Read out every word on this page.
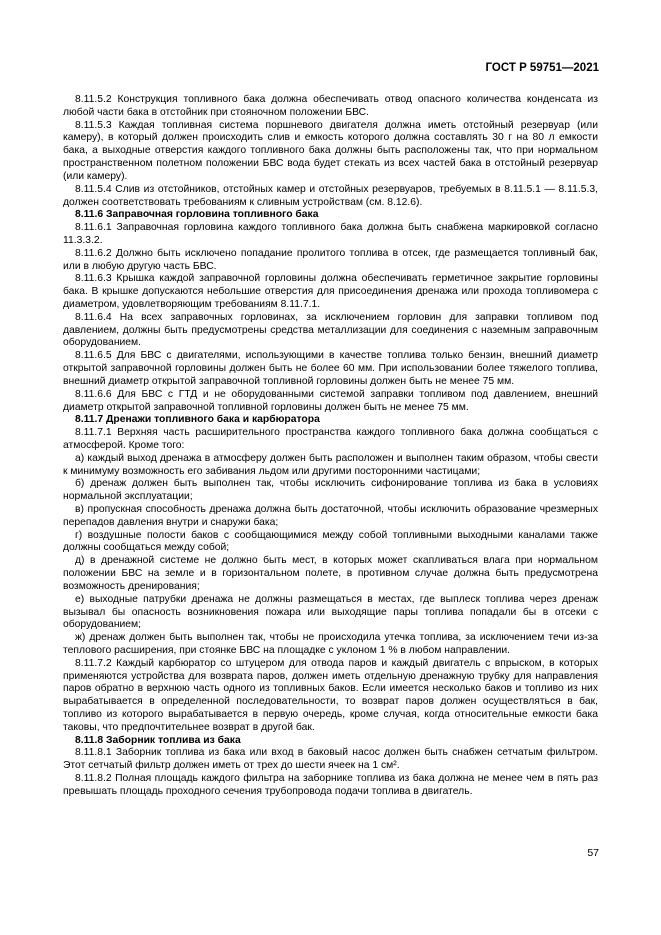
ГОСТ Р 59751—2021

8.11.5.2 Конструкция топливного бака должна обеспечивать отвод опасного количества конденсата из любой части бака в отстойник при стояночном положении БВС.

8.11.5.3 Каждая топливная система поршневого двигателя должна иметь отстойный резервуар (или камеру), в который должен происходить слив и емкость которого должна составлять 30 г на 80 л емкости бака, а выходные отверстия каждого топливного бака должны быть расположены так, что при нормальном пространственном полетном положении БВС вода будет стекать из всех частей бака в отстойный резервуар (или камеру).

8.11.5.4 Слив из отстойников, отстойных камер и отстойных резервуаров, требуемых в 8.11.5.1 — 8.11.5.3, должен соответствовать требованиям к сливным устройствам (см. 8.12.6).

8.11.6 Заправочная горловина топливного бака

8.11.6.1 Заправочная горловина каждого топливного бака должна быть снабжена маркировкой согласно 11.3.3.2.

8.11.6.2 Должно быть исключено попадание пролитого топлива в отсек, где размещается топливный бак, или в любую другую часть БВС.

8.11.6.3 Крышка каждой заправочной горловины должна обеспечивать герметичное закрытие горловины бака. В крышке допускаются небольшие отверстия для присоединения дренажа или прохода топливомера с диаметром, удовлетворяющим требованиям 8.11.7.1.

8.11.6.4 На всех заправочных горловинах, за исключением горловин для заправки топливом под давлением, должны быть предусмотрены средства металлизации для соединения с наземным заправочным оборудованием.

8.11.6.5 Для БВС с двигателями, использующими в качестве топлива только бензин, внешний диаметр открытой заправочной горловины должен быть не более 60 мм. При использовании более тяжелого топлива, внешний диаметр открытой заправочной топливной горловины должен быть не менее 75 мм.

8.11.6.6 Для БВС с ГТД и не оборудованными системой заправки топливом под давлением, внешний диаметр открытой заправочной топливной горловины должен быть не менее 75 мм.

8.11.7 Дренажи топливного бака и карбюратора

8.11.7.1 Верхняя часть расширительного пространства каждого топливного бака должна сообщаться с атмосферой. Кроме того:

а) каждый выход дренажа в атмосферу должен быть расположен и выполнен таким образом, чтобы свести к минимуму возможность его забивания льдом или другими посторонними частицами;

б) дренаж должен быть выполнен так, чтобы исключить сифонирование топлива из бака в условиях нормальной эксплуатации;

в) пропускная способность дренажа должна быть достаточной, чтобы исключить образование чрезмерных перепадов давления внутри и снаружи бака;

г) воздушные полости баков с сообщающимися между собой топливными выходными каналами также должны сообщаться между собой;

д) в дренажной системе не должно быть мест, в которых может скапливаться влага при нормальном положении БВС на земле и в горизонтальном полете, в противном случае должна быть предусмотрена возможность дренирования;

е) выходные патрубки дренажа не должны размещаться в местах, где выплеск топлива через дренаж вызывал бы опасность возникновения пожара или выходящие пары топлива попадали бы в отсеки с оборудованием;

ж) дренаж должен быть выполнен так, чтобы не происходила утечка топлива, за исключением течи из-за теплового расширения, при стоянке БВС на площадке с уклоном 1 % в любом направлении.

8.11.7.2 Каждый карбюратор со штуцером для отвода паров и каждый двигатель с впрыском, в которых применяются устройства для возврата паров, должен иметь отдельную дренажную трубку для направления паров обратно в верхнюю часть одного из топливных баков. Если имеется несколько баков и топливо из них вырабатывается в определенной последовательности, то возврат паров должен осуществляться в бак, топливо из которого вырабатывается в первую очередь, кроме случая, когда относительные емкости бака таковы, что предпочтительнее возврат в другой бак.

8.11.8 Заборник топлива из бака

8.11.8.1 Заборник топлива из бака или вход в баковый насос должен быть снабжен сетчатым фильтром. Этот сетчатый фильтр должен иметь от трех до шести ячеек на 1 см².

8.11.8.2 Полная площадь каждого фильтра на заборнике топлива из бака должна не менее чем в пять раз превышать площадь проходного сечения трубопровода подачи топлива в двигатель.

57
